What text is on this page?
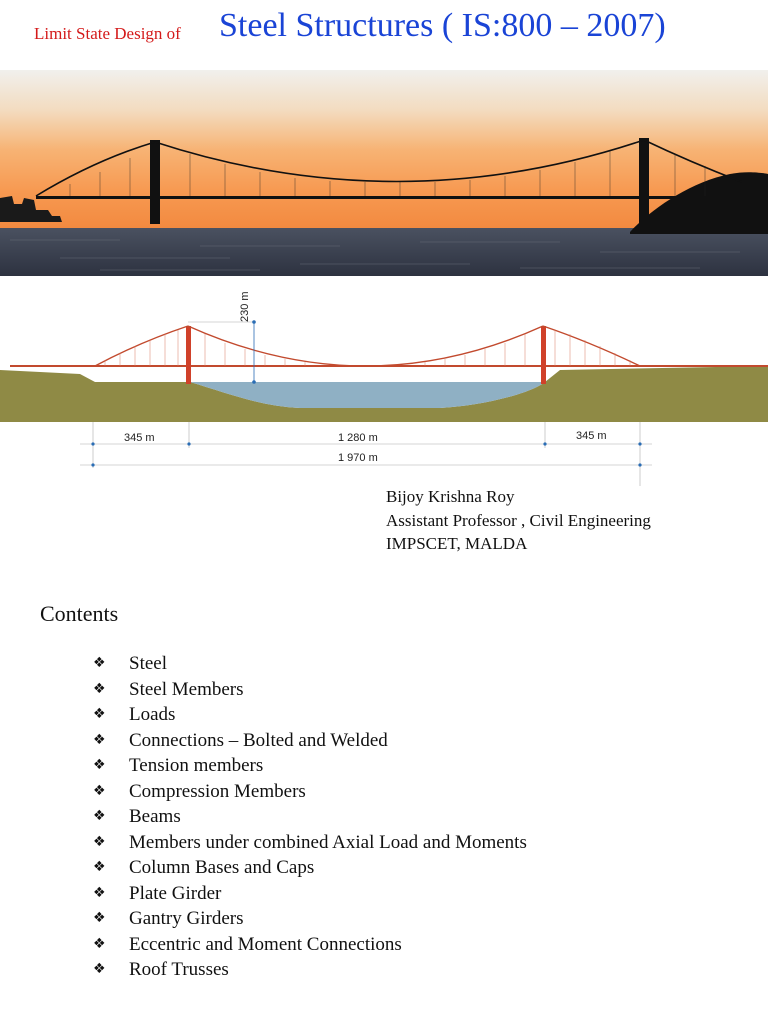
Limit State Design of Steel Structures ( IS:800 – 2007)
230 m
345 m	1 280 m	345 m
1 970 m
Bijoy Krishna Roy
Assistant Professor , Civil Engineering
IMPSCET, MALDA
Contents
❖	Steel
❖	Steel Members
❖	Loads
❖	Connections – Bolted and Welded
❖	Tension members
❖	Compression Members
❖	Beams
❖	Members under combined Axial Load and Moments
❖	Column Bases and Caps
❖	Plate Girder
❖	Gantry Girders
❖	Eccentric and Moment Connections
❖	Roof Trusses
